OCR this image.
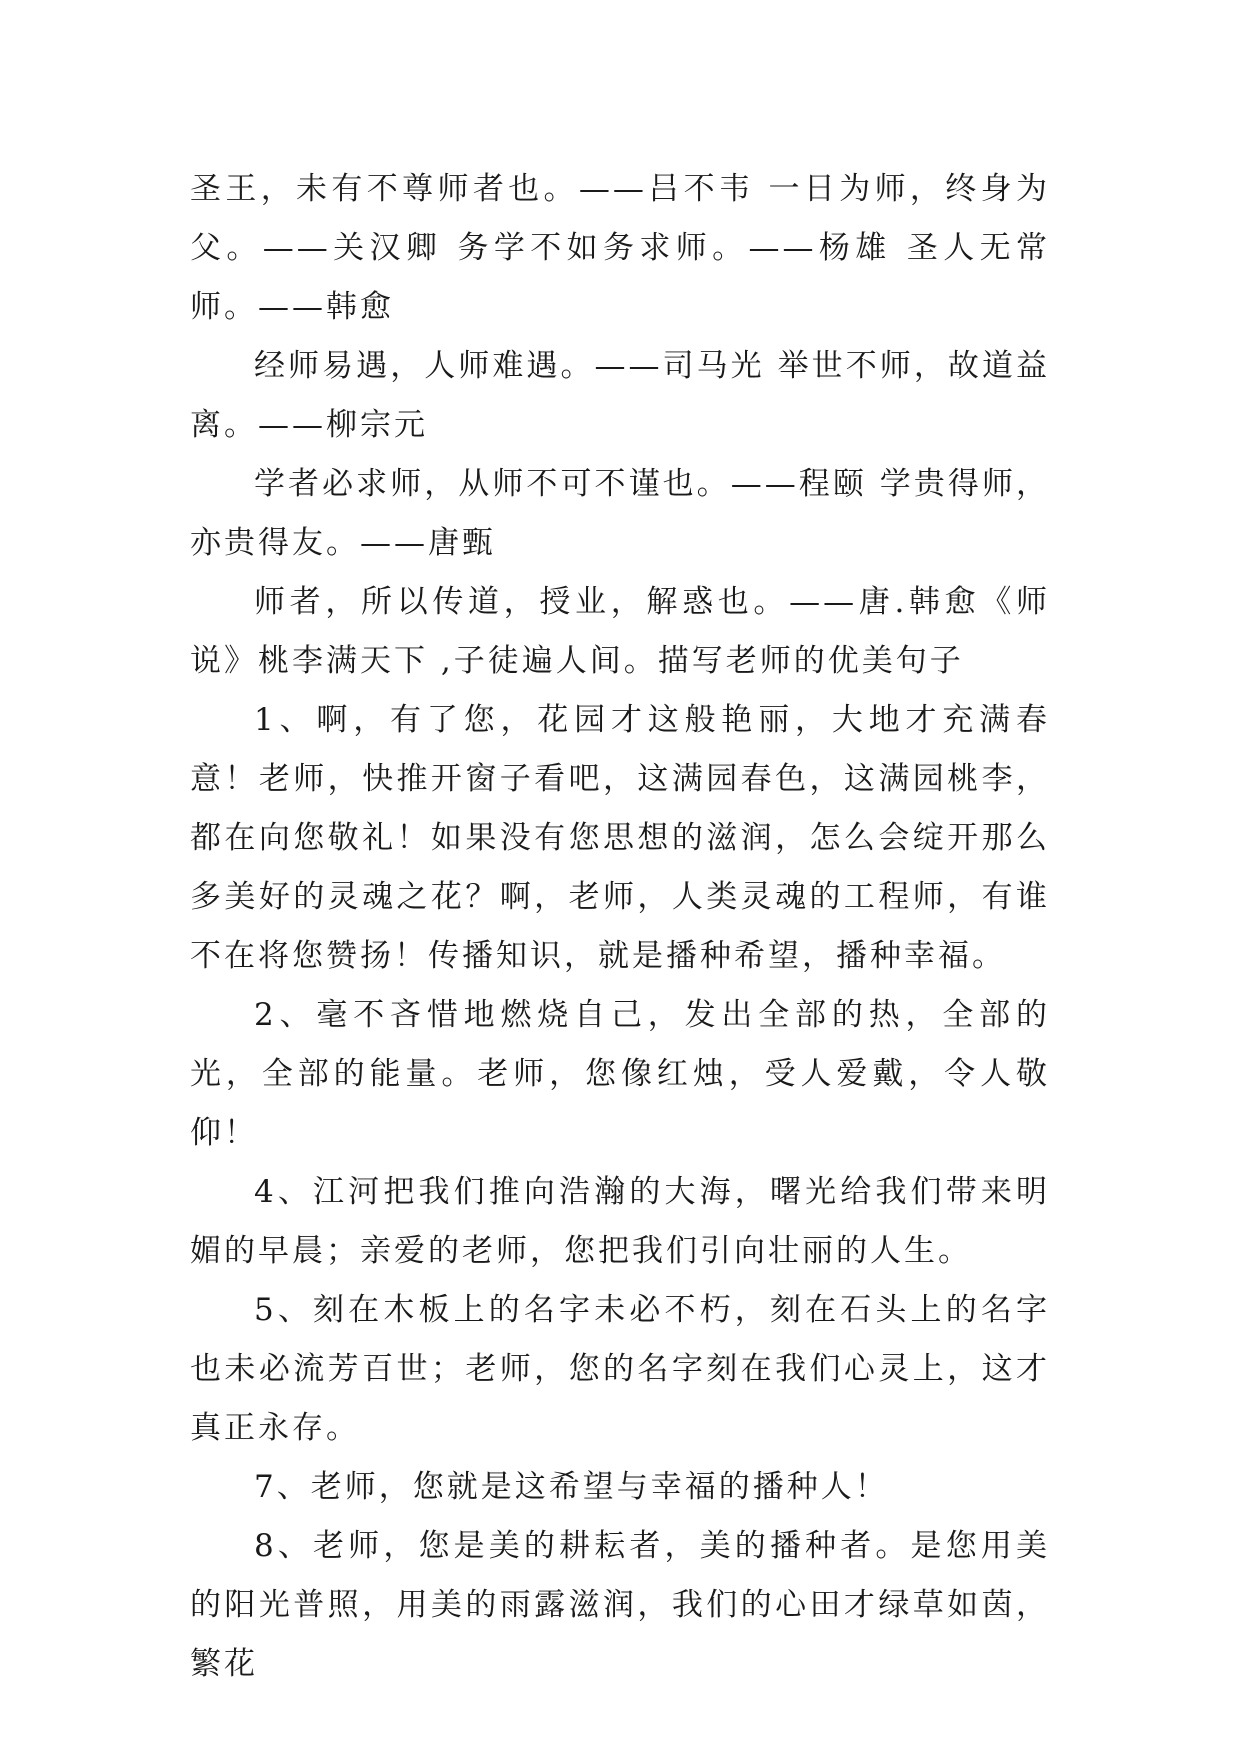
圣王，未有不尊师者也。——吕不韦 一日为师，终身为父。——关汉卿 务学不如务求师。——杨雄 圣人无常师。——韩愈

经师易遇，人师难遇。——司马光 举世不师，故道益离。——柳宗元

学者必求师，从师不可不谨也。——程颐 学贵得师，亦贵得友。——唐甄

师者，所以传道，授业，解惑也。——唐.韩愈《师说》桃李满天下 ,子徒遍人间。描写老师的优美句子

1、啊，有了您，花园才这般艳丽，大地才充满春意！老师，快推开窗子看吧，这满园春色，这满园桃李，都在向您敬礼！如果没有您思想的滋润，怎么会绽开那么多美好的灵魂之花？啊，老师，人类灵魂的工程师，有谁不在将您赞扬！传播知识，就是播种希望，播种幸福。

2、毫不吝惜地燃烧自己，发出全部的热，全部的光，全部的能量。老师，您像红烛，受人爱戴，令人敬仰！

4、江河把我们推向浩瀚的大海，曙光给我们带来明媚的早晨；亲爱的老师，您把我们引向壮丽的人生。

5、刻在木板上的名字未必不朽，刻在石头上的名字也未必流芳百世；老师，您的名字刻在我们心灵上，这才真正永存。

7、老师，您就是这希望与幸福的播种人！

8、老师，您是美的耕耘者，美的播种者。是您用美的阳光普照，用美的雨露滋润，我们的心田才绿草如茵，繁花
